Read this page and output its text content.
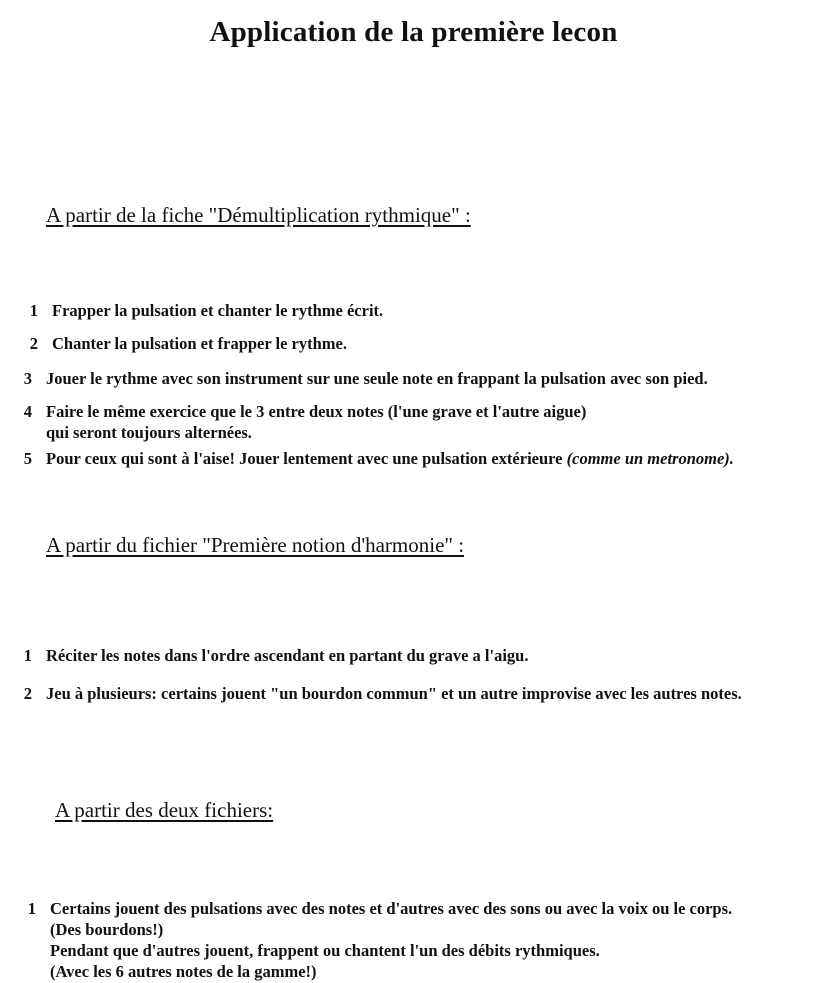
Application de la première lecon
A partir de la fiche "Démultiplication rythmique" :
1 Frapper la pulsation et chanter le rythme écrit.
2 Chanter la pulsation et frapper le rythme.
3 Jouer le rythme avec son instrument sur une seule note en frappant la pulsation avec son pied.
4 Faire le même exercice que le 3 entre deux notes (l'une grave et l'autre aigue)
qui seront toujours alternées.
5 Pour ceux qui sont à l'aise! Jouer lentement avec une pulsation extérieure (comme un metronome).
A partir du fichier "Première notion d'harmonie" :
1 Réciter les notes dans l'ordre ascendant en partant du grave a l'aigu.
2 Jeu à plusieurs: certains jouent "un bourdon commun" et un autre improvise avec les autres notes.
A partir des deux fichiers:
1 Certains jouent des pulsations avec des notes et d'autres avec des sons ou avec la voix ou le corps.
(Des bourdons!)
Pendant que d'autres jouent, frappent ou chantent l'un des débits rythmiques.
(Avec les 6 autres notes de la gamme!)
